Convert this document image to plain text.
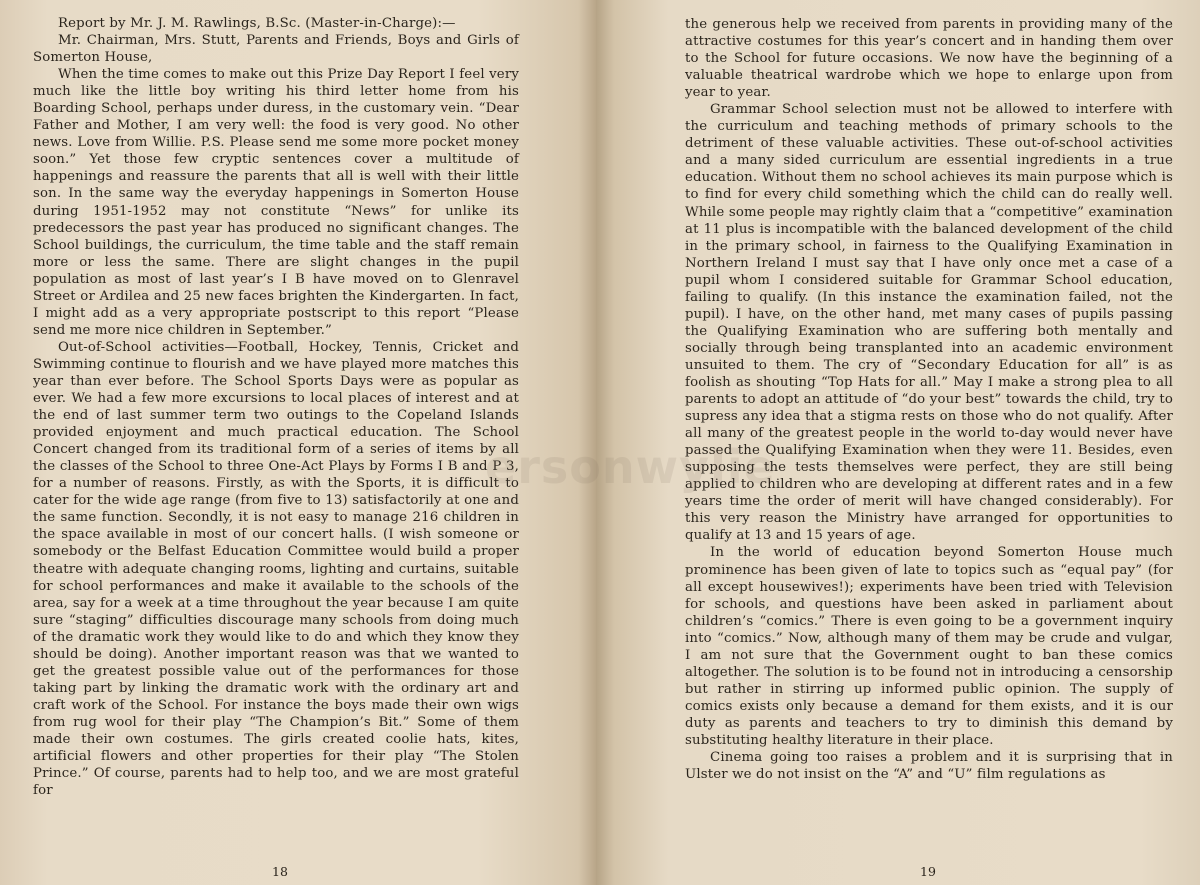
Report by Mr. J. M. Rawlings, B.Sc. (Master-in-Charge):—

Mr. Chairman, Mrs. Stutt, Parents and Friends, Boys and Girls of Somerton House,

When the time comes to make out this Prize Day Report I feel very much like the little boy writing his third letter home from his Boarding School, perhaps under duress, in the customary vein. “Dear Father and Mother, I am very well: the food is very good. No other news. Love from Willie. P.S. Please send me some more pocket money soon.” Yet those few cryptic sentences cover a multitude of happenings and reassure the parents that all is well with their little son. In the same way the everyday happenings in Somerton House during 1951-1952 may not constitute “News” for unlike its predecessors the past year has produced no significant changes. The School buildings, the curriculum, the time table and the staff remain more or less the same. There are slight changes in the pupil population as most of last year’s I B have moved on to Glenravel Street or Ardilea and 25 new faces brighten the Kindergarten. In fact, I might add as a very appropriate postscript to this report “Please send me more nice children in September.”

Out-of-School activities—Football, Hockey, Tennis, Cricket and Swimming continue to flourish and we have played more matches this year than ever before. The School Sports Days were as popular as ever. We had a few more excursions to local places of interest and at the end of last summer term two outings to the Copeland Islands provided enjoyment and much practical education. The School Concert changed from its traditional form of a series of items by all the classes of the School to three One-Act Plays by Forms I B and P 3, for a number of reasons. Firstly, as with the Sports, it is difficult to cater for the wide age range (from five to 13) satisfactorily at one and the same function. Secondly, it is not easy to manage 216 children in the space available in most of our concert halls. (I wish someone or somebody or the Belfast Education Committee would build a proper theatre with adequate changing rooms, lighting and curtains, suitable for school performances and make it available to the schools of the area, say for a week at a time throughout the year because I am quite sure “staging” difficulties discourage many schools from doing much of the dramatic work they would like to do and which they know they should be doing). Another important reason was that we wanted to get the greatest possible value out of the performances for those taking part by linking the dramatic work with the ordinary art and craft work of the School. For instance the boys made their own wigs from rug wool for their play “The Champion’s Bit.” Some of them made their own costumes. The girls created coolie hats, kites, artificial flowers and other properties for their play “The Stolen Prince.” Of course, parents had to help too, and we are most grateful for

18	19

the generous help we received from parents in providing many of the attractive costumes for this year’s concert and in handing them over to the School for future occasions. We now have the beginning of a valuable theatrical wardrobe which we hope to enlarge upon from year to year.

Grammar School selection must not be allowed to interfere with the curriculum and teaching methods of primary schools to the detriment of these valuable activities. These out-of-school activities and a many sided curriculum are essential ingredients in a true education. Without them no school achieves its main purpose which is to find for every child something which the child can do really well. While some people may rightly claim that a “competitive” examination at 11 plus is incompatible with the balanced development of the child in the primary school, in fairness to the Qualifying Examination in Northern Ireland I must say that I have only once met a case of a pupil whom I considered suitable for Grammar School education, failing to qualify. (In this instance the examination failed, not the pupil). I have, on the other hand, met many cases of pupils passing the Qualifying Examination who are suffering both mentally and socially through being transplanted into an academic environment unsuited to them. The cry of “Secondary Education for all” is as foolish as shouting “Top Hats for all.” May I make a strong plea to all parents to adopt an attitude of “do your best” towards the child, try to supress any idea that a stigma rests on those who do not qualify. After all many of the greatest people in the world to-day would never have passed the Qualifying Examination when they were 11. Besides, even supposing the tests themselves were perfect, they are still being applied to children who are developing at different rates and in a few years time the order of merit will have changed considerably). For this very reason the Ministry have arranged for opportunities to qualify at 13 and 15 years of age.

In the world of education beyond Somerton House much prominence has been given of late to topics such as “equal pay” (for all except housewives!); experiments have been tried with Television for schools, and questions have been asked in parliament about children’s “comics.” There is even going to be a government inquiry into “comics.” Now, although many of them may be crude and vulgar, I am not sure that the Government ought to ban these comics altogether. The solution is to be found not in introducing a censorship but rather in stirring up informed public opinion. The supply of comics exists only because a demand for them exists, and it is our duty as parents and teachers to try to diminish this demand by substituting healthy literature in their place.

Cinema going too raises a problem and it is surprising that in Ulster we do not insist on the “A” and “U” film regulations as
